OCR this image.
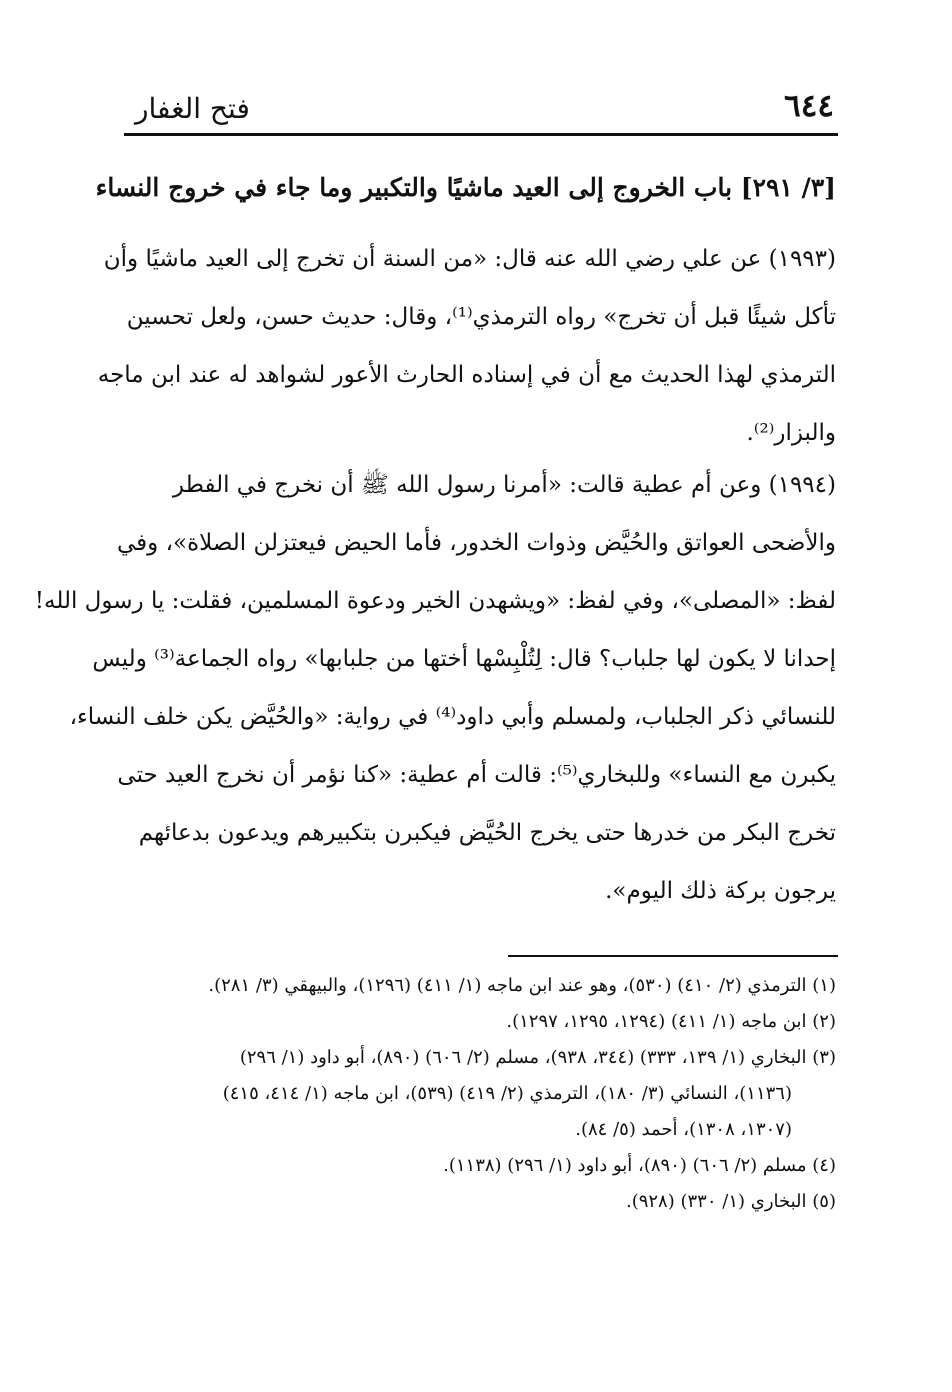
فتح الغفار	٦٤٤
[٣/ ٢٩١] باب الخروج إلى العيد ماشيًا والتكبير وما جاء في خروج النساء
(١٩٩٣) عن علي رضي الله عنه قال: «من السنة أن تخرج إلى العيد ماشيًا وأن
تأكل شيئًا قبل أن تخرج» رواه الترمذي⁽¹⁾، وقال: حديث حسن، ولعل تحسين
الترمذي لهذا الحديث مع أن في إسناده الحارث الأعور لشواهد له عند ابن ماجه
والبزار⁽²⁾.
(١٩٩٤) وعن أم عطية قالت: «أمرنا رسول الله ﷺ أن نخرج في الفطر
والأضحى العواتق والحُيَّض وذوات الخدور، فأما الحيض فيعتزلن الصلاة»، وفي
لفظ: «المصلى»، وفي لفظ: «ويشهدن الخير ودعوة المسلمين، فقلت: يا رسول الله!
إحدانا لا يكون لها جلباب؟ قال: لِتُلْبِسْها أختها من جلبابها» رواه الجماعة⁽³⁾ وليس
للنسائي ذكر الجلباب، ولمسلم وأبي داود⁽⁴⁾ في رواية: «والحُيَّض يكن خلف النساء،
يكبرن مع النساء» وللبخاري⁽⁵⁾: قالت أم عطية: «كنا نؤمر أن نخرج العيد حتى
تخرج البكر من خدرها حتى يخرج الحُيَّض فيكبرن بتكبيرهم ويدعون بدعائهم
يرجون بركة ذلك اليوم».
(١) الترمذي (٢/ ٤١٠) (٥٣٠)، وهو عند ابن ماجه (١/ ٤١١) (١٢٩٦)، والبيهقي (٣/ ٢٨١).
(٢) ابن ماجه (١/ ٤١١) (١٢٩٤، ١٢٩٥، ١٢٩٧).
(٣) البخاري (١/ ١٣٩، ٣٣٣) (٣٤٤، ٩٣٨)، مسلم (٢/ ٦٠٦) (٨٩٠)، أبو داود (١/ ٢٩٦)
(١١٣٦)، النسائي (٣/ ١٨٠)، الترمذي (٢/ ٤١٩) (٥٣٩)، ابن ماجه (١/ ٤١٤، ٤١٥)
(١٣٠٧، ١٣٠٨)، أحمد (٥/ ٨٤).
(٤) مسلم (٢/ ٦٠٦) (٨٩٠)، أبو داود (١/ ٢٩٦) (١١٣٨).
(٥) البخاري (١/ ٣٣٠) (٩٢٨).
